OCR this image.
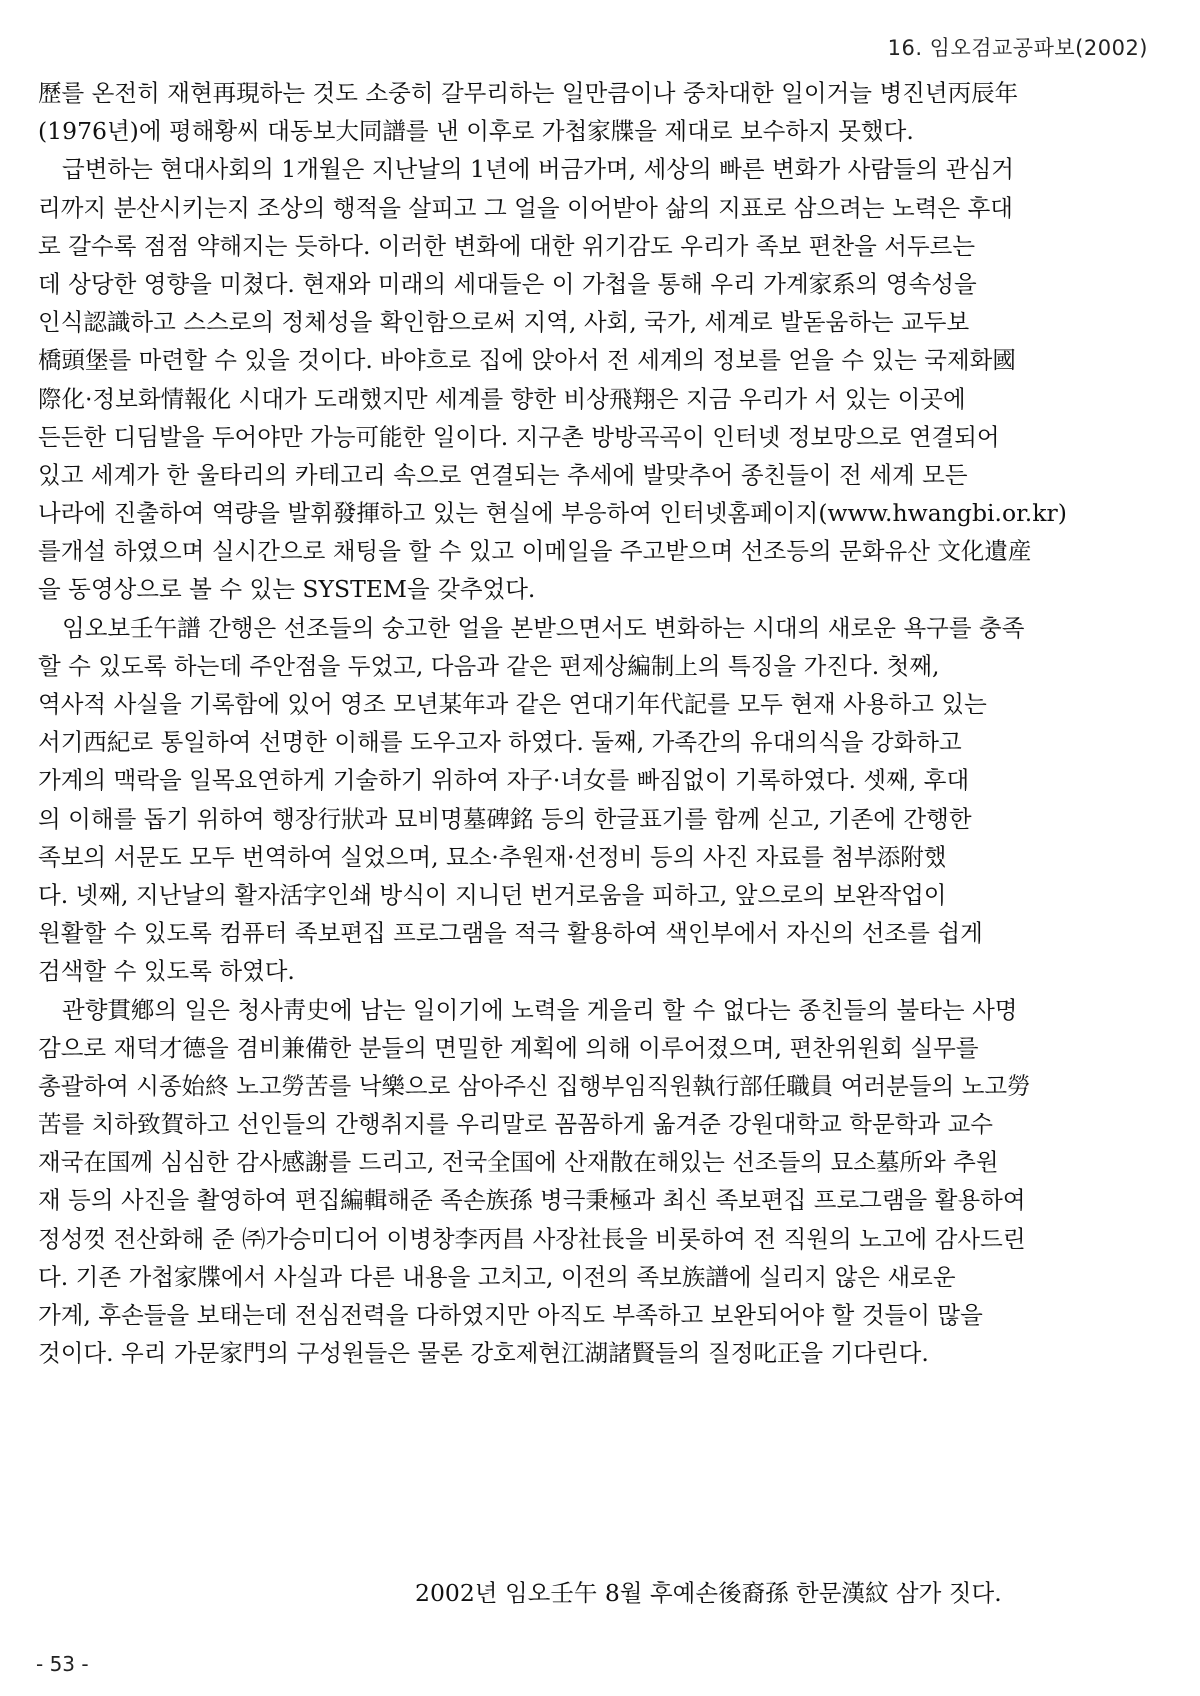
16. 임오검교공파보(2002)
歷를 온전히 재현再現하는 것도 소중히 갈무리하는 일만큼이나 중차대한 일이거늘 병진년丙辰年
(1976년)에 평해황씨 대동보大同譜를 낸 이후로 가첩家牒을 제대로 보수하지 못했다.
급변하는 현대사회의 1개월은 지난날의 1년에 버금가며, 세상의 빠른 변화가 사람들의 관심거
리까지 분산시키는지 조상의 행적을 살피고 그 얼을 이어받아 삶의 지표로 삼으려는 노력은 후대
로 갈수록 점점 약해지는 듯하다. 이러한 변화에 대한 위기감도 우리가 족보 편찬을 서두르는
데 상당한 영향을 미쳤다. 현재와 미래의 세대들은 이 가첩을 통해 우리 가계家系의 영속성을
인식認識하고 스스로의 정체성을 확인함으로써 지역, 사회, 국가, 세계로 발돋움하는 교두보
橋頭堡를 마련할 수 있을 것이다. 바야흐로 집에 앉아서 전 세계의 정보를 얻을 수 있는 국제화國
際化·정보화情報化 시대가 도래했지만 세계를 향한 비상飛翔은 지금 우리가 서 있는 이곳에
든든한 디딤발을 두어야만 가능可能한 일이다. 지구촌 방방곡곡이 인터넷 정보망으로 연결되어
있고 세계가 한 울타리의 카테고리 속으로 연결되는 추세에 발맞추어 종친들이 전 세계 모든
나라에 진출하여 역량을 발휘發揮하고 있는 현실에 부응하여 인터넷홈페이지(www.hwangbi.or.kr)
를개설 하였으며 실시간으로 채팅을 할 수 있고 이메일을 주고받으며 선조등의 문화유산 文化遺産
을 동영상으로 볼 수 있는 SYSTEM을 갖추었다.
임오보壬午譜 간행은 선조들의 숭고한 얼을 본받으면서도 변화하는 시대의 새로운 욕구를 충족
할 수 있도록 하는데 주안점을 두었고, 다음과 같은 편제상編制上의 특징을 가진다. 첫째,
역사적 사실을 기록함에 있어 영조 모년某年과 같은 연대기年代記를 모두 현재 사용하고 있는
서기西紀로 통일하여 선명한 이해를 도우고자 하였다. 둘째, 가족간의 유대의식을 강화하고
가계의 맥락을 일목요연하게 기술하기 위하여 자子·녀女를 빠짐없이 기록하였다. 셋째, 후대
의 이해를 돕기 위하여 행장行狀과 묘비명墓碑銘 등의 한글표기를 함께 싣고, 기존에 간행한
족보의 서문도 모두 번역하여 실었으며, 묘소·추원재·선정비 등의 사진 자료를 첨부添附했
다. 넷째, 지난날의 활자活字인쇄 방식이 지니던 번거로움을 피하고, 앞으로의 보완작업이
원활할 수 있도록 컴퓨터 족보편집 프로그램을 적극 활용하여 색인부에서 자신의 선조를 쉽게
검색할 수 있도록 하였다.
관향貫鄕의 일은 청사靑史에 남는 일이기에 노력을 게을리 할 수 없다는 종친들의 불타는 사명
감으로 재덕才德을 겸비兼備한 분들의 면밀한 계획에 의해 이루어졌으며, 편찬위원회 실무를
총괄하여 시종始終 노고勞苦를 낙樂으로 삼아주신 집행부임직원執行部任職員 여러분들의 노고勞
苦를 치하致賀하고 선인들의 간행취지를 우리말로 꼼꼼하게 옮겨준 강원대학교 학문학과 교수
재국在国께 심심한 감사感謝를 드리고, 전국全国에 산재散在해있는 선조들의 묘소墓所와 추원
재 등의 사진을 촬영하여 편집編輯해준 족손族孫 병극秉極과 최신 족보편집 프로그램을 활용하여
정성껏 전산화해 준 ㈜가승미디어 이병창李丙昌 사장社長을 비롯하여 전 직원의 노고에 감사드린
다. 기존 가첩家牒에서 사실과 다른 내용을 고치고, 이전의 족보族譜에 실리지 않은 새로운
가계, 후손들을 보태는데 전심전력을 다하였지만 아직도 부족하고 보완되어야 할 것들이 많을
것이다. 우리 가문家門의 구성원들은 물론 강호제현江湖諸賢들의 질정叱正을 기다린다.
2002년 임오壬午 8월 후예손後裔孫 한문漢紋 삼가 짓다.
- 53 -
